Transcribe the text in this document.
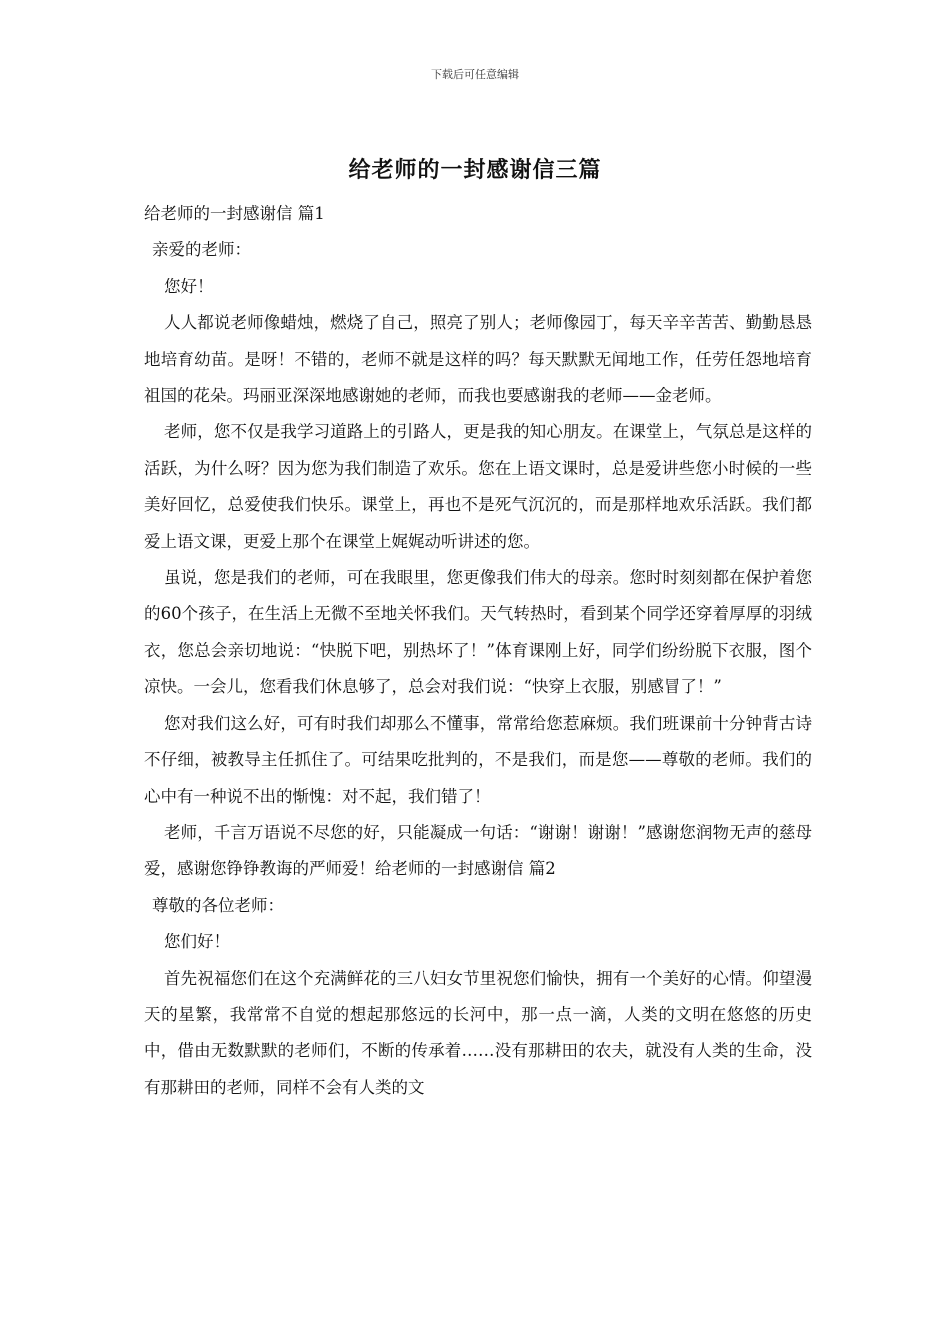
下载后可任意编辑
给老师的一封感谢信三篇

给老师的一封感谢信 篇1

亲爱的老师：

您好！

人人都说老师像蜡烛，燃烧了自己，照亮了别人；老师像园丁，每天辛辛苦苦、勤勤恳恳地培育幼苗。是呀！不错的，老师不就是这样的吗？每天默默无闻地工作，任劳任怨地培育祖国的花朵。玛丽亚深深地感谢她的老师，而我也要感谢我的老师——金老师。

老师，您不仅是我学习道路上的引路人，更是我的知心朋友。在课堂上，气氛总是这样的活跃，为什么呀？因为您为我们制造了欢乐。您在上语文课时，总是爱讲些您小时候的一些美好回忆，总爱使我们快乐。课堂上，再也不是死气沉沉的，而是那样地欢乐活跃。我们都爱上语文课，更爱上那个在课堂上娓娓动听讲述的您。

虽说，您是我们的老师，可在我眼里，您更像我们伟大的母亲。您时时刻刻都在保护着您的60个孩子，在生活上无微不至地关怀我们。天气转热时，看到某个同学还穿着厚厚的羽绒衣，您总会亲切地说：“快脱下吧，别热坏了！”体育课刚上好，同学们纷纷脱下衣服，图个凉快。一会儿，您看我们休息够了，总会对我们说：“快穿上衣服，别感冒了！”

您对我们这么好，可有时我们却那么不懂事，常常给您惹麻烦。我们班课前十分钟背古诗不仔细，被教导主任抓住了。可结果吃批判的，不是我们，而是您——尊敬的老师。我们的心中有一种说不出的惭愧：对不起，我们错了！

老师，千言万语说不尽您的好，只能凝成一句话：“谢谢！谢谢！”感谢您润物无声的慈母爱，感谢您铮铮教诲的严师爱！给老师的一封感谢信 篇2

尊敬的各位老师：

您们好！

首先祝福您们在这个充满鲜花的三八妇女节里祝您们愉快，拥有一个美好的心情。仰望漫天的星繁，我常常不自觉的想起那悠远的长河中，那一点一滴，人类的文明在悠悠的历史中，借由无数默默的老师们，不断的传承着……没有那耕田的农夫，就没有人类的生命，没有那耕田的老师，同样不会有人类的文
